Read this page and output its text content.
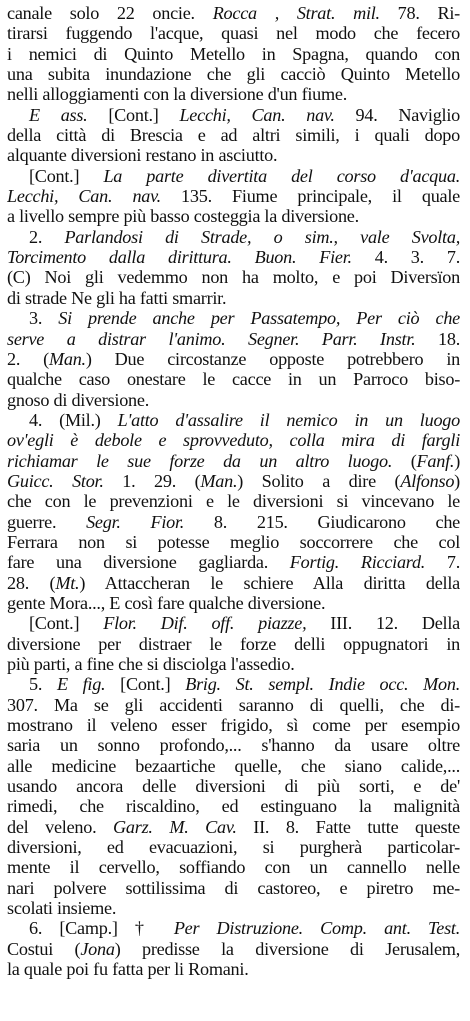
canale solo 22 oncie. Rocca , Strat. mil. 78. Ri-
tirarsi fuggendo l'acque, quasi nel modo che fecero
i nemici di Quinto Metello in Spagna, quando con
una subita inundazione che gli cacciò Quinto Metello
nelli alloggiamenti con la diversione d'un fiume.
E ass. [Cont.] Lecchi, Can. nav. 94. Naviglio
della città di Brescia e ad altri simili, i quali dopo
alquante diversioni restano in asciutto.
[Cont.] La parte divertita del corso d'acqua.
Lecchi, Can. nav. 135. Fiume principale, il quale
a livello sempre più basso costeggia la diversione.
2. Parlandosi di Strade, o sim., vale Svolta,
Torcimento dalla dirittura. Buon. Fier. 4. 3. 7.
(C) Noi gli vedemmo non ha molto, e poi Diversïon
di strade Ne gli ha fatti smarrir.
3. Si prende anche per Passatempo, Per ciò che
serve a distrar l'animo. Segner. Parr. Instr. 18.
2. (Man.) Due circostanze opposte potrebbero in
qualche caso onestare le cacce in un Parroco biso-
gnoso di diversione.
4. (Mil.) L'atto d'assalire il nemico in un luogo
ov'egli è debole e sprovveduto, colla mira di fargli
richiamar le sue forze da un altro luogo. (Fanf.)
Guicc. Stor. 1. 29. (Man.) Solito a dire (Alfonso)
che con le prevenzioni e le diversioni si vincevano le
guerre. Segr. Fior. 8. 215. Giudicarono che
Ferrara non si potesse meglio soccorrere che col
fare una diversione gagliarda. Fortig. Ricciard. 7.
28. (Mt.) Attaccheran le schiere Alla diritta della
gente Mora..., E così fare qualche diversione.
[Cont.] Flor. Dif. off. piazze, III. 12. Della
diversione per distraer le forze delli oppugnatori in
più parti, a fine che si disciolga l'assedio.
5. E fig. [Cont.] Brig. St. sempl. Indie occ. Mon.
307. Ma se gli accidenti saranno di quelli, che di-
mostrano il veleno esser frigido, sì come per esempio
saria un sonno profondo,... s'hanno da usare oltre
alle medicine bezaartiche quelle, che siano calide,...
usando ancora delle diversioni di più sorti, e de'
rimedi, che riscaldino, ed estinguano la malignità
del veleno. Garz. M. Cav. II. 8. Fatte tutte queste
diversioni, ed evacuazioni, si purgherà particolar-
mente il cervello, soffiando con un cannello nelle
nari polvere sottilissima di castoreo, e piretro me-
scolati insieme.
6. [Camp.] † Per Distruzione. Comp. ant. Test.
Costui (Jona) predisse la diversione di Jerusalem,
la quale poi fu fatta per li Romani.
